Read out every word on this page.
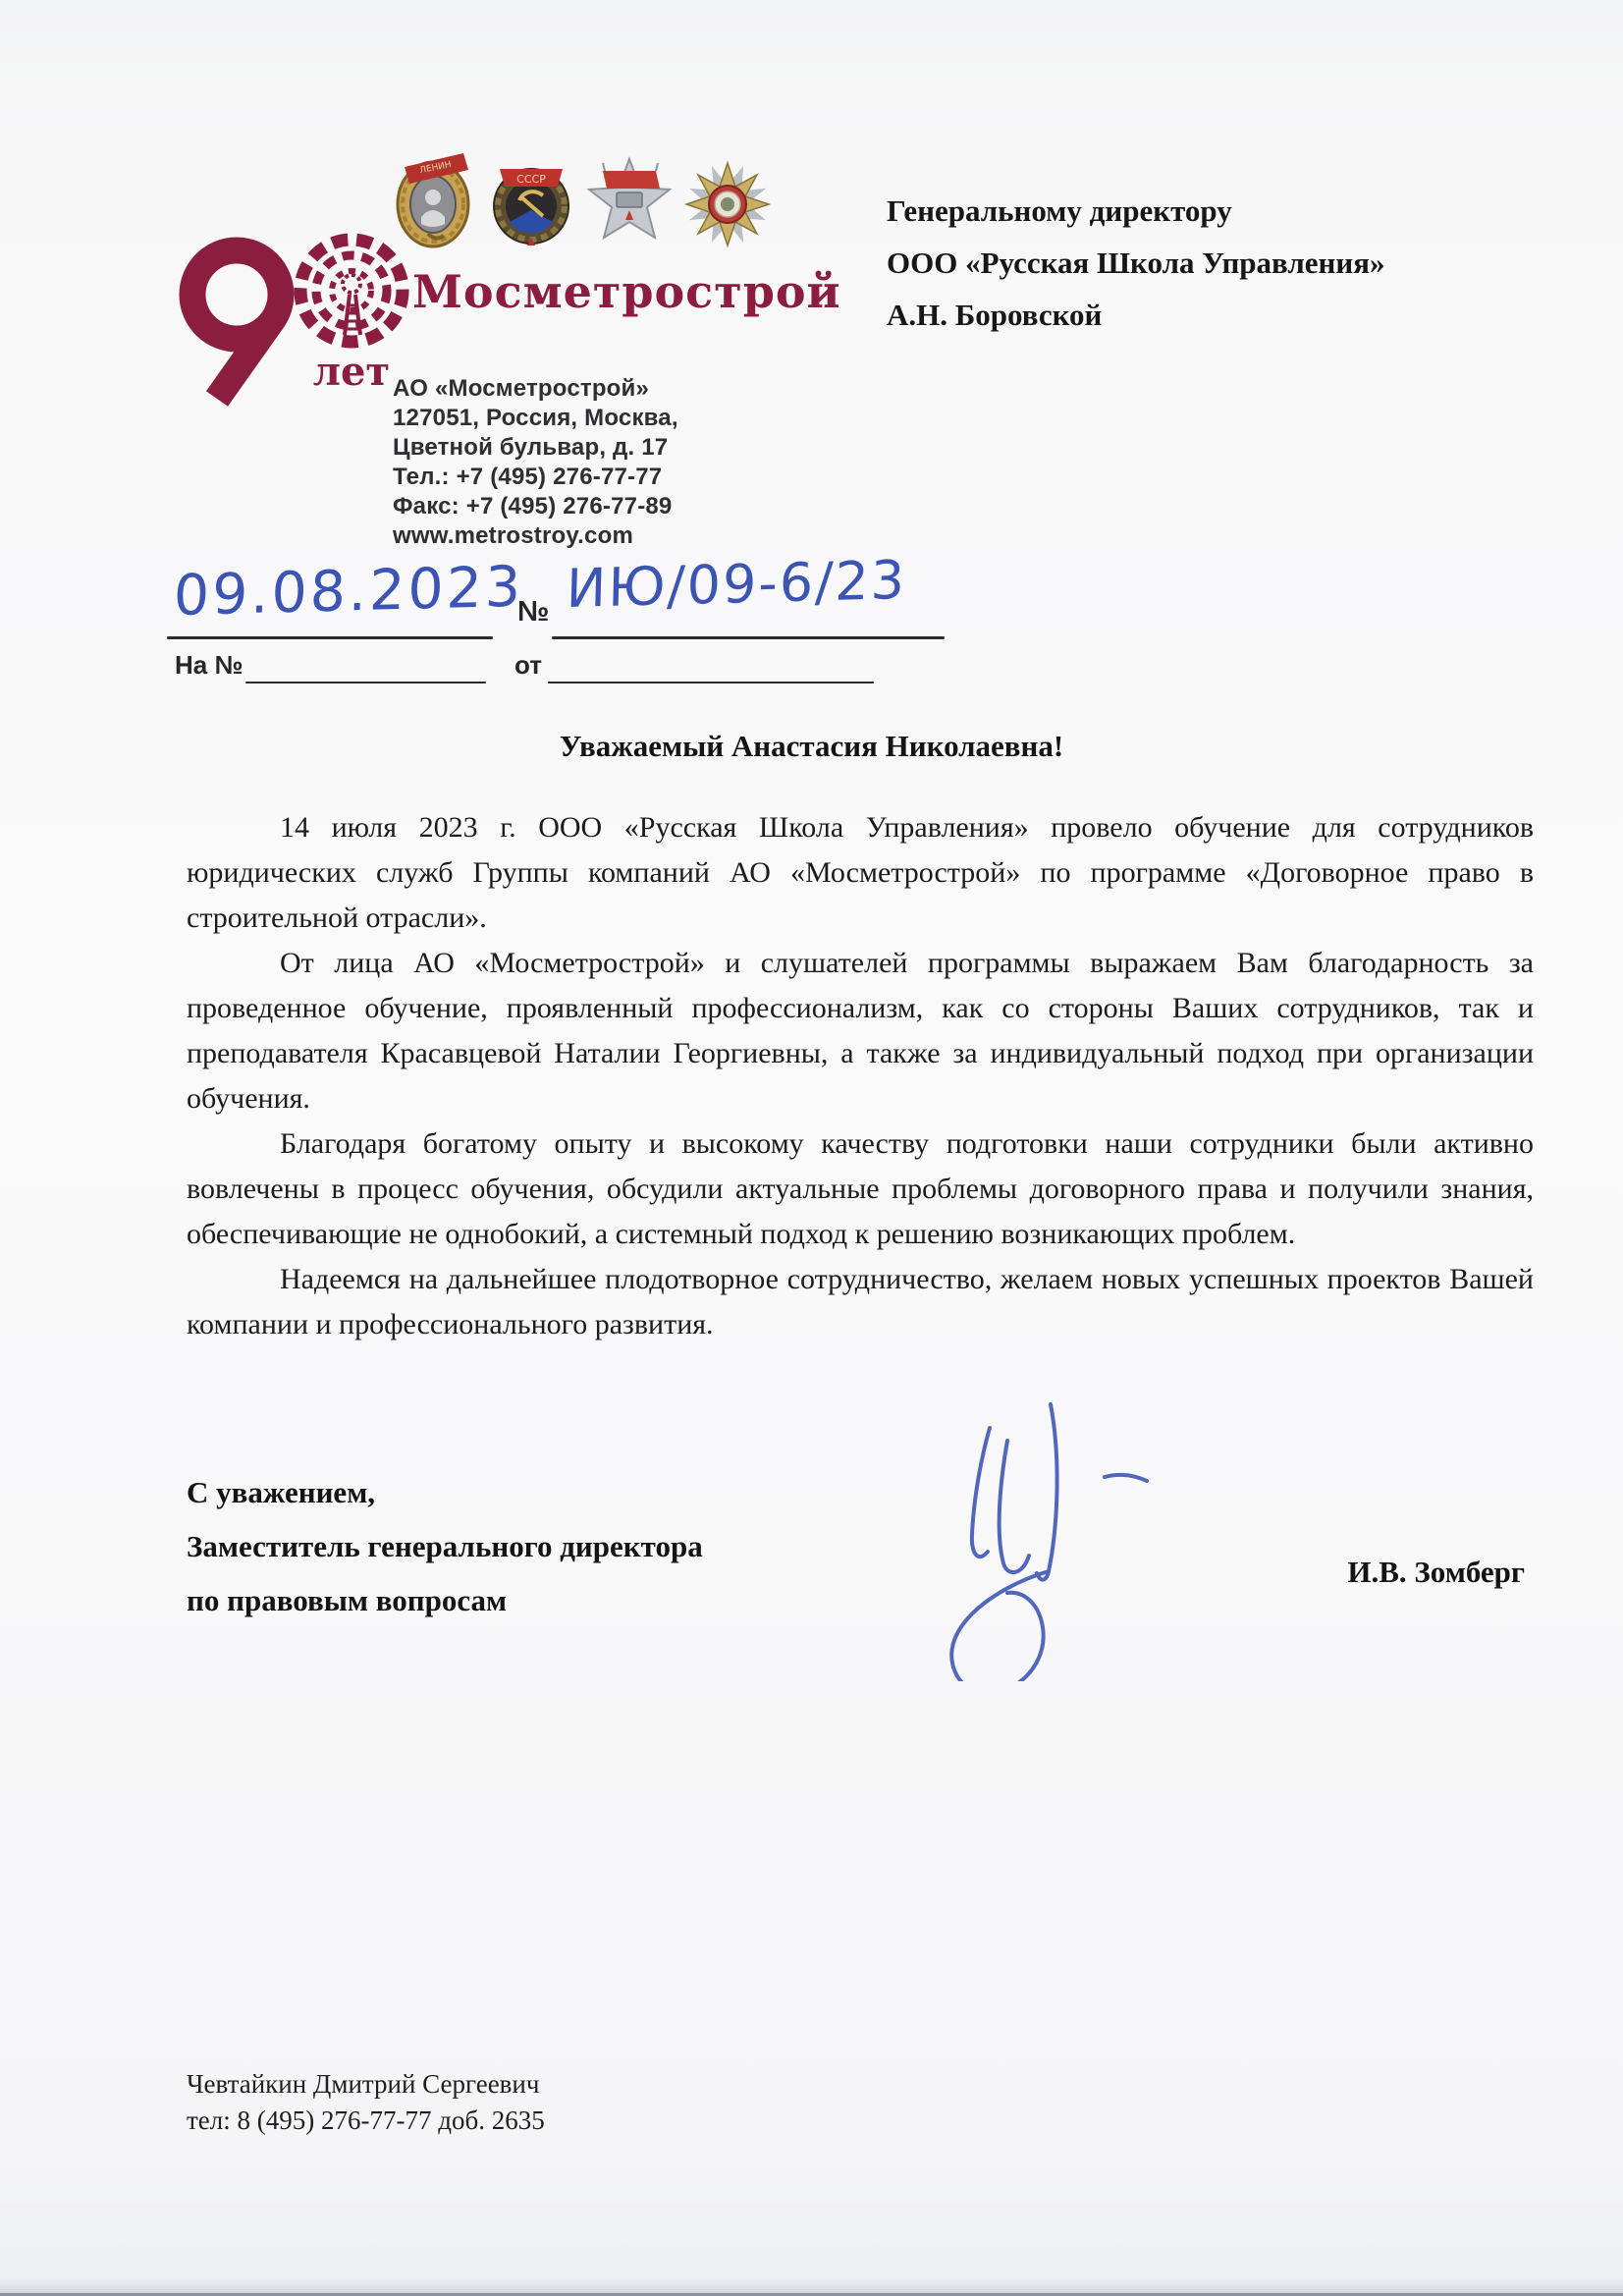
ЛЕНИН
СССР
лет
Мосметрострой
АО «Мосметрострой»
127051, Россия, Москва,
Цветной бульвар, д. 17
Тел.: +7 (495) 276-77-77
Факс: +7 (495) 276-77-89
www.metrostroy.com
Генеральному директору
ООО «Русская Школа Управления»
А.Н. Боровской
09.08.2023
№ ИЮ/09-6/23
На №	от
Уважаемый Анастасия Николаевна!

14 июля 2023 г. ООО «Русская Школа Управления» провело обучение для сотрудников юридических служб Группы компаний АО «Мосметрострой» по программе «Договорное право в строительной отрасли».

От лица АО «Мосметрострой» и слушателей программы выражаем Вам благодарность за проведенное обучение, проявленный профессионализм, как со стороны Ваших сотрудников, так и преподавателя Красавцевой Наталии Георгиевны, а также за индивидуальный подход при организации обучения.

Благодаря богатому опыту и высокому качеству подготовки наши сотрудники были активно вовлечены в процесс обучения, обсудили актуальные проблемы договорного права и получили знания, обеспечивающие не однобокий, а системный подход к решению возникающих проблем.

Надеемся на дальнейшее плодотворное сотрудничество, желаем новых успешных проектов Вашей компании и профессионального развития.

С уважением,
Заместитель генерального директора
по правовым вопросам
И.В. Зомберг
Чевтайкин Дмитрий Сергеевич
тел: 8 (495) 276-77-77 доб. 2635
